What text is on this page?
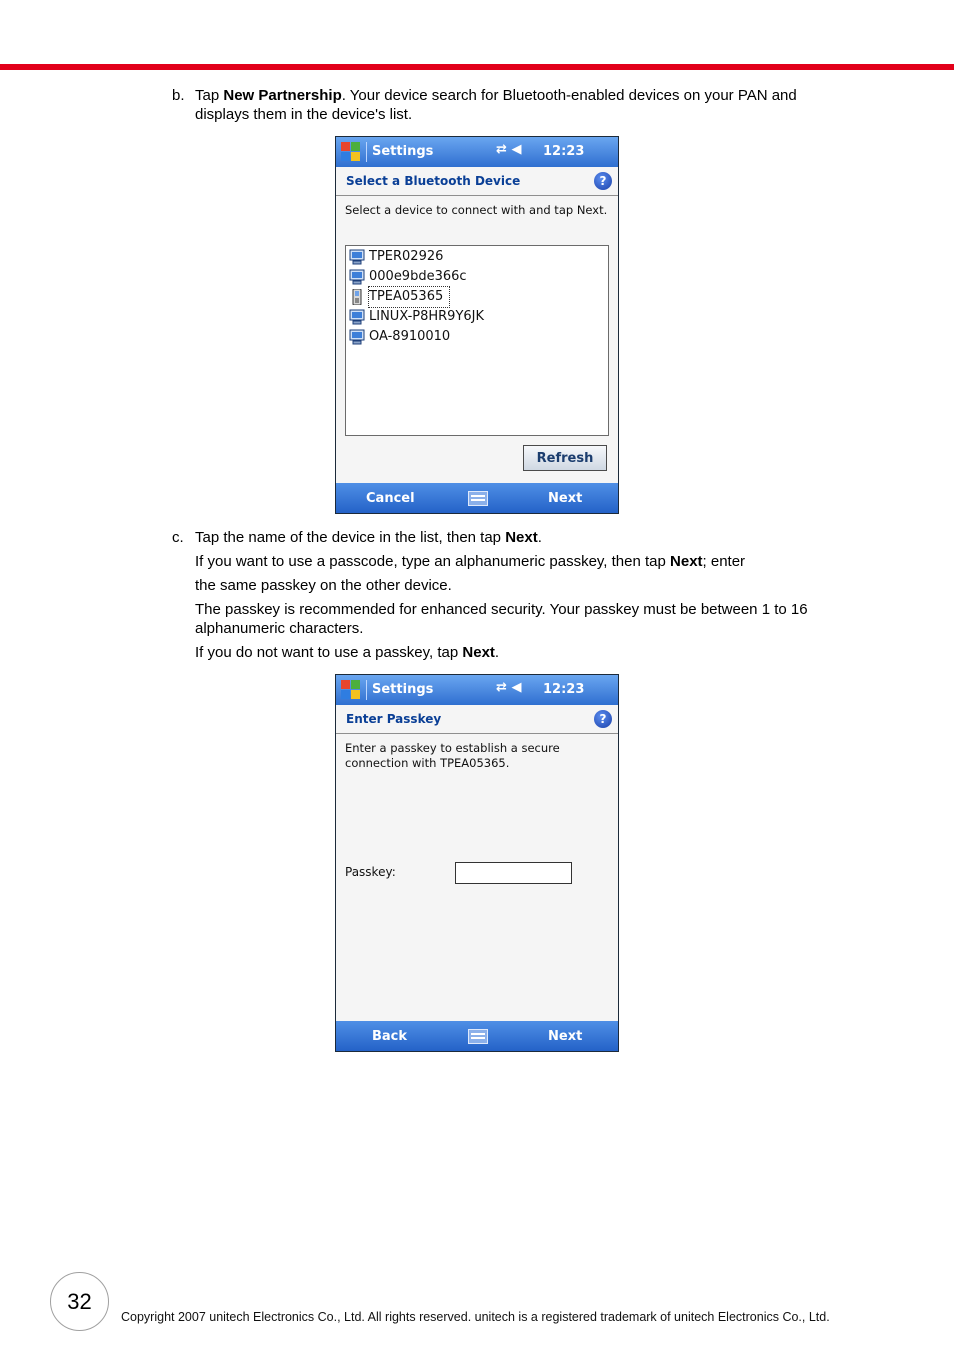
b. Tap New Partnership. Your device search for Bluetooth-enabled devices on your PAN and displays them in the device's list.
Settings	⇄ ◀ 12:23
Select a Bluetooth Device	?
Select a device to connect with and tap Next.
TPER02926
000e9bde366c
TPEA05365
LINUX-P8HR9Y6JK
OA-8910010
Refresh
Cancel	Next
c. Tap the name of the device in the list, then tap Next.
If you want to use a passcode, type an alphanumeric passkey, then tap Next; enter
the same passkey on the other device.
The passkey is recommended for enhanced security. Your passkey must be between 1 to 16 alphanumeric characters.
If you do not want to use a passkey, tap Next.
Settings	⇄ ◀ 12:23
Enter Passkey	?
Enter a passkey to establish a secure connection with TPEA05365.
Passkey:
Back	Next
32
Copyright 2007 unitech Electronics Co., Ltd. All rights reserved. unitech is a registered trademark of unitech Electronics Co., Ltd.
